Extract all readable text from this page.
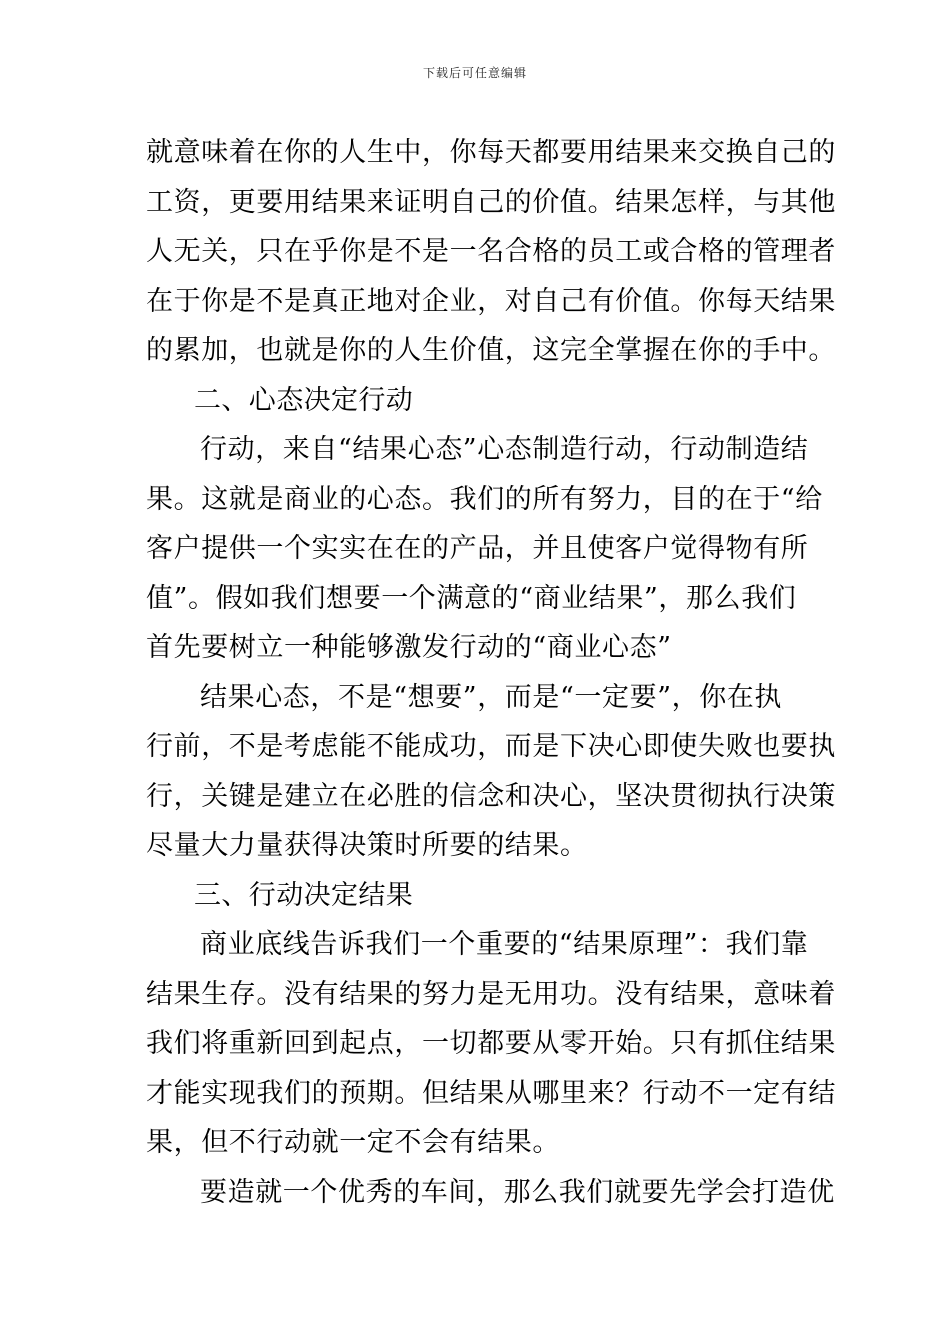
下载后可任意编辑
就意味着在你的人生中，你每天都要用结果来交换自己的
工资，更要用结果来证明自己的价值。结果怎样，与其他
人无关，只在乎你是不是一名合格的员工或合格的管理者
在于你是不是真正地对企业，对自己有价值。你每天结果
的累加，也就是你的人生价值，这完全掌握在你的手中。
二、心态决定行动
行动，来自“结果心态”心态制造行动，行动制造结
果。这就是商业的心态。我们的所有努力，目的在于“给
客户提供一个实实在在的产品，并且使客户觉得物有所
值”。假如我们想要一个满意的“商业结果”，那么我们
首先要树立一种能够激发行动的“商业心态”
结果心态，不是“想要”，而是“一定要”，你在执
行前，不是考虑能不能成功，而是下决心即使失败也要执
行，关键是建立在必胜的信念和决心，坚决贯彻执行决策
尽量大力量获得决策时所要的结果。
三、行动决定结果
商业底线告诉我们一个重要的“结果原理”：我们靠
结果生存。没有结果的努力是无用功。没有结果，意味着
我们将重新回到起点，一切都要从零开始。只有抓住结果
才能实现我们的预期。但结果从哪里来？行动不一定有结
果，但不行动就一定不会有结果。
要造就一个优秀的车间，那么我们就要先学会打造优
